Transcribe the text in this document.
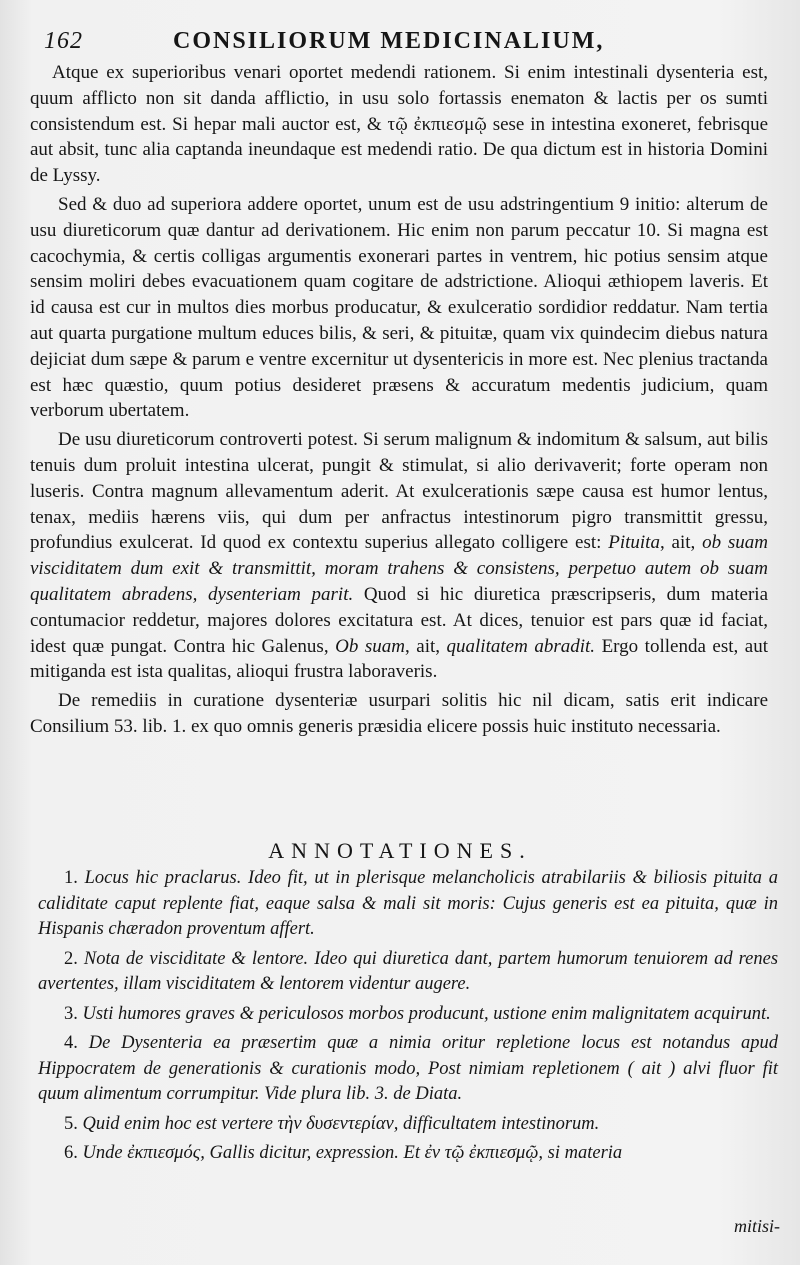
162	CONSILIORUM MEDICINALIUM,

Atque ex superioribus venari oportet medendi rationem. Si enim intestinali dysenteria est, quum afflicto non sit danda afflictio, in usu solo fortassis enematon & lactis per os sumti consistendum est. Si hepar mali auctor est, & τῷ ἐκπιεσμῷ sese in intestina exoneret, febrisque aut absit, tunc alia captanda ineundaque est medendi ratio. De qua dictum est in historia Domini de Lyssy.

Sed & duo ad superiora addere oportet, unum est de usu adstringentium 9 initio: alterum de usu diureticorum quæ dantur ad derivationem. Hic enim non parum peccatur 10. Si magna est cacochymia, & certis colligas argumentis exonerari partes in ventrem, hic potius sensim atque sensim moliri debes evacuationem quam cogitare de adstrictione. Alioqui æthiopem laveris. Et id causa est cur in multos dies morbus producatur, & exulceratio sordidior reddatur. Nam tertia aut quarta purgatione multum educes bilis, & seri, & pituitæ, quam vix quindecim diebus natura dejiciat dum sæpe & parum e ventre excernitur ut dysentericis in more est. Nec plenius tractanda est hæc quæstio, quum potius desideret præsens & accuratum medentis judicium, quam verborum ubertatem.

De usu diureticorum controverti potest. Si serum malignum & indomitum & salsum, aut bilis tenuis dum proluit intestina ulcerat, pungit & stimulat, si alio derivaverit; forte operam non luseris. Contra magnum allevamentum aderit. At exulcerationis sæpe causa est humor lentus, tenax, mediis hærens viis, qui dum per anfractus intestinorum pigro transmittit gressu, profundius exulcerat. Id quod ex contextu superius allegato colligere est: Pituita, ait, ob suam visciditatem dum exit & transmittit, moram trahens & consistens, perpetuo autem ob suam qualitatem abradens, dysenteriam parit. Quod si hic diuretica præscripseris, dum materia contumacior reddetur, majores dolores excitatura est. At dices, tenuior est pars quæ id faciat, idest quæ pungat. Contra hic Galenus, Ob suam, ait, qualitatem abradit. Ergo tollenda est, aut mitiganda est ista qualitas, alioqui frustra laboraveris.

De remediis in curatione dysenteriæ usurpari solitis hic nil dicam, satis erit indicare Consilium 53. lib. 1. ex quo omnis generis præsidia elicere possis huic instituto necessaria.

ANNOTATIONES.

1. Locus hic praclarus. Ideo fit, ut in plerisque melancholicis atrabilariis & biliosis pituita a caliditate caput replente fiat, eaque salsa & mali sit moris: Cujus generis est ea pituita, quæ in Hispanis chæradon proventum affert.

2. Nota de visciditate & lentore. Ideo qui diuretica dant, partem humorum tenuiorem ad renes avertentes, illam visciditatem & lentorem videntur augere.

3. Usti humores graves & periculosos morbos producunt, ustione enim malignitatem acquirunt.

4. De Dysenteria ea præsertim quæ a nimia oritur repletione locus est notandus apud Hippocratem de generationis & curationis modo, Post nimiam repletionem ( ait ) alvi fluor fit quum alimentum corrumpitur. Vide plura lib. 3. de Diata.

5. Quid enim hoc est vertere τὴν δυσεντερίαν, difficultatem intestinorum.

6. Unde ἐκπιεσμός, Gallis dicitur, expression. Et ἐν τῷ ἐκπιεσμῷ, si materia

mitisi-
